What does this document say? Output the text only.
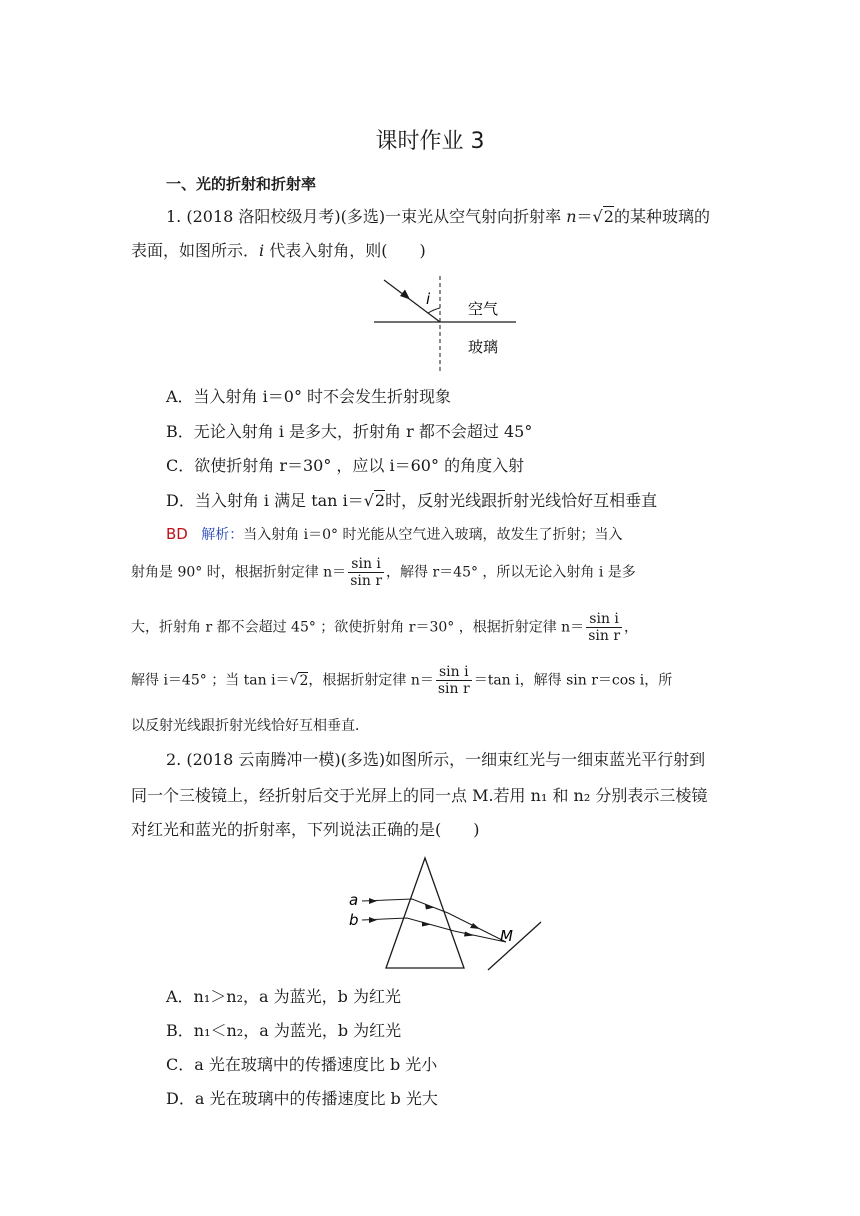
课时作业 3
一、光的折射和折射率
1. (2018 洛阳校级月考)(多选)一束光从空气射向折射率 n＝√2的某种玻璃的
表面，如图所示．i 代表入射角，则(　　)
i
空气
玻璃
A．当入射角 i＝0° 时不会发生折射现象
B．无论入射角 i 是多大，折射角 r 都不会超过 45°
C．欲使折射角 r＝30° ，应以 i＝60° 的角度入射
D．当入射角 i 满足 tan i＝√2时，反射光线跟折射光线恰好互相垂直
BD 解析：当入射角 i＝0° 时光能从空气进入玻璃，故发生了折射；当入
射角是 90° 时，根据折射定律 $n= \frac{\text{sin i}}{\text{sin r}}$ ，解得 r＝45° ，所以无论入射角 i 是多
大，折射角 r 都不会超过 45° ；欲使折射角 r＝30° ，根据折射定律 $n= \frac{\text{sin i}}{\text{sin r}}$ ，
解得 i＝45° ；当 tan i＝√2，根据折射定律 $n= \frac{\text{sin i}}{\text{sin r}} =\tan$ i，解得 sin r＝cos i，所
以反射光线跟折射光线恰好互相垂直．
2. (2018 云南腾冲一模)(多选)如图所示，一细束红光与一细束蓝光平行射到
同一个三棱镜上，经折射后交于光屏上的同一点 M.若用 n₁ 和 n₂ 分别表示三棱镜
对红光和蓝光的折射率，下列说法正确的是(　　)
a
b
M
A．n₁＞n₂，a 为蓝光，b 为红光
B．n₁＜n₂，a 为蓝光，b 为红光
C．a 光在玻璃中的传播速度比 b 光小
D．a 光在玻璃中的传播速度比 b 光大
